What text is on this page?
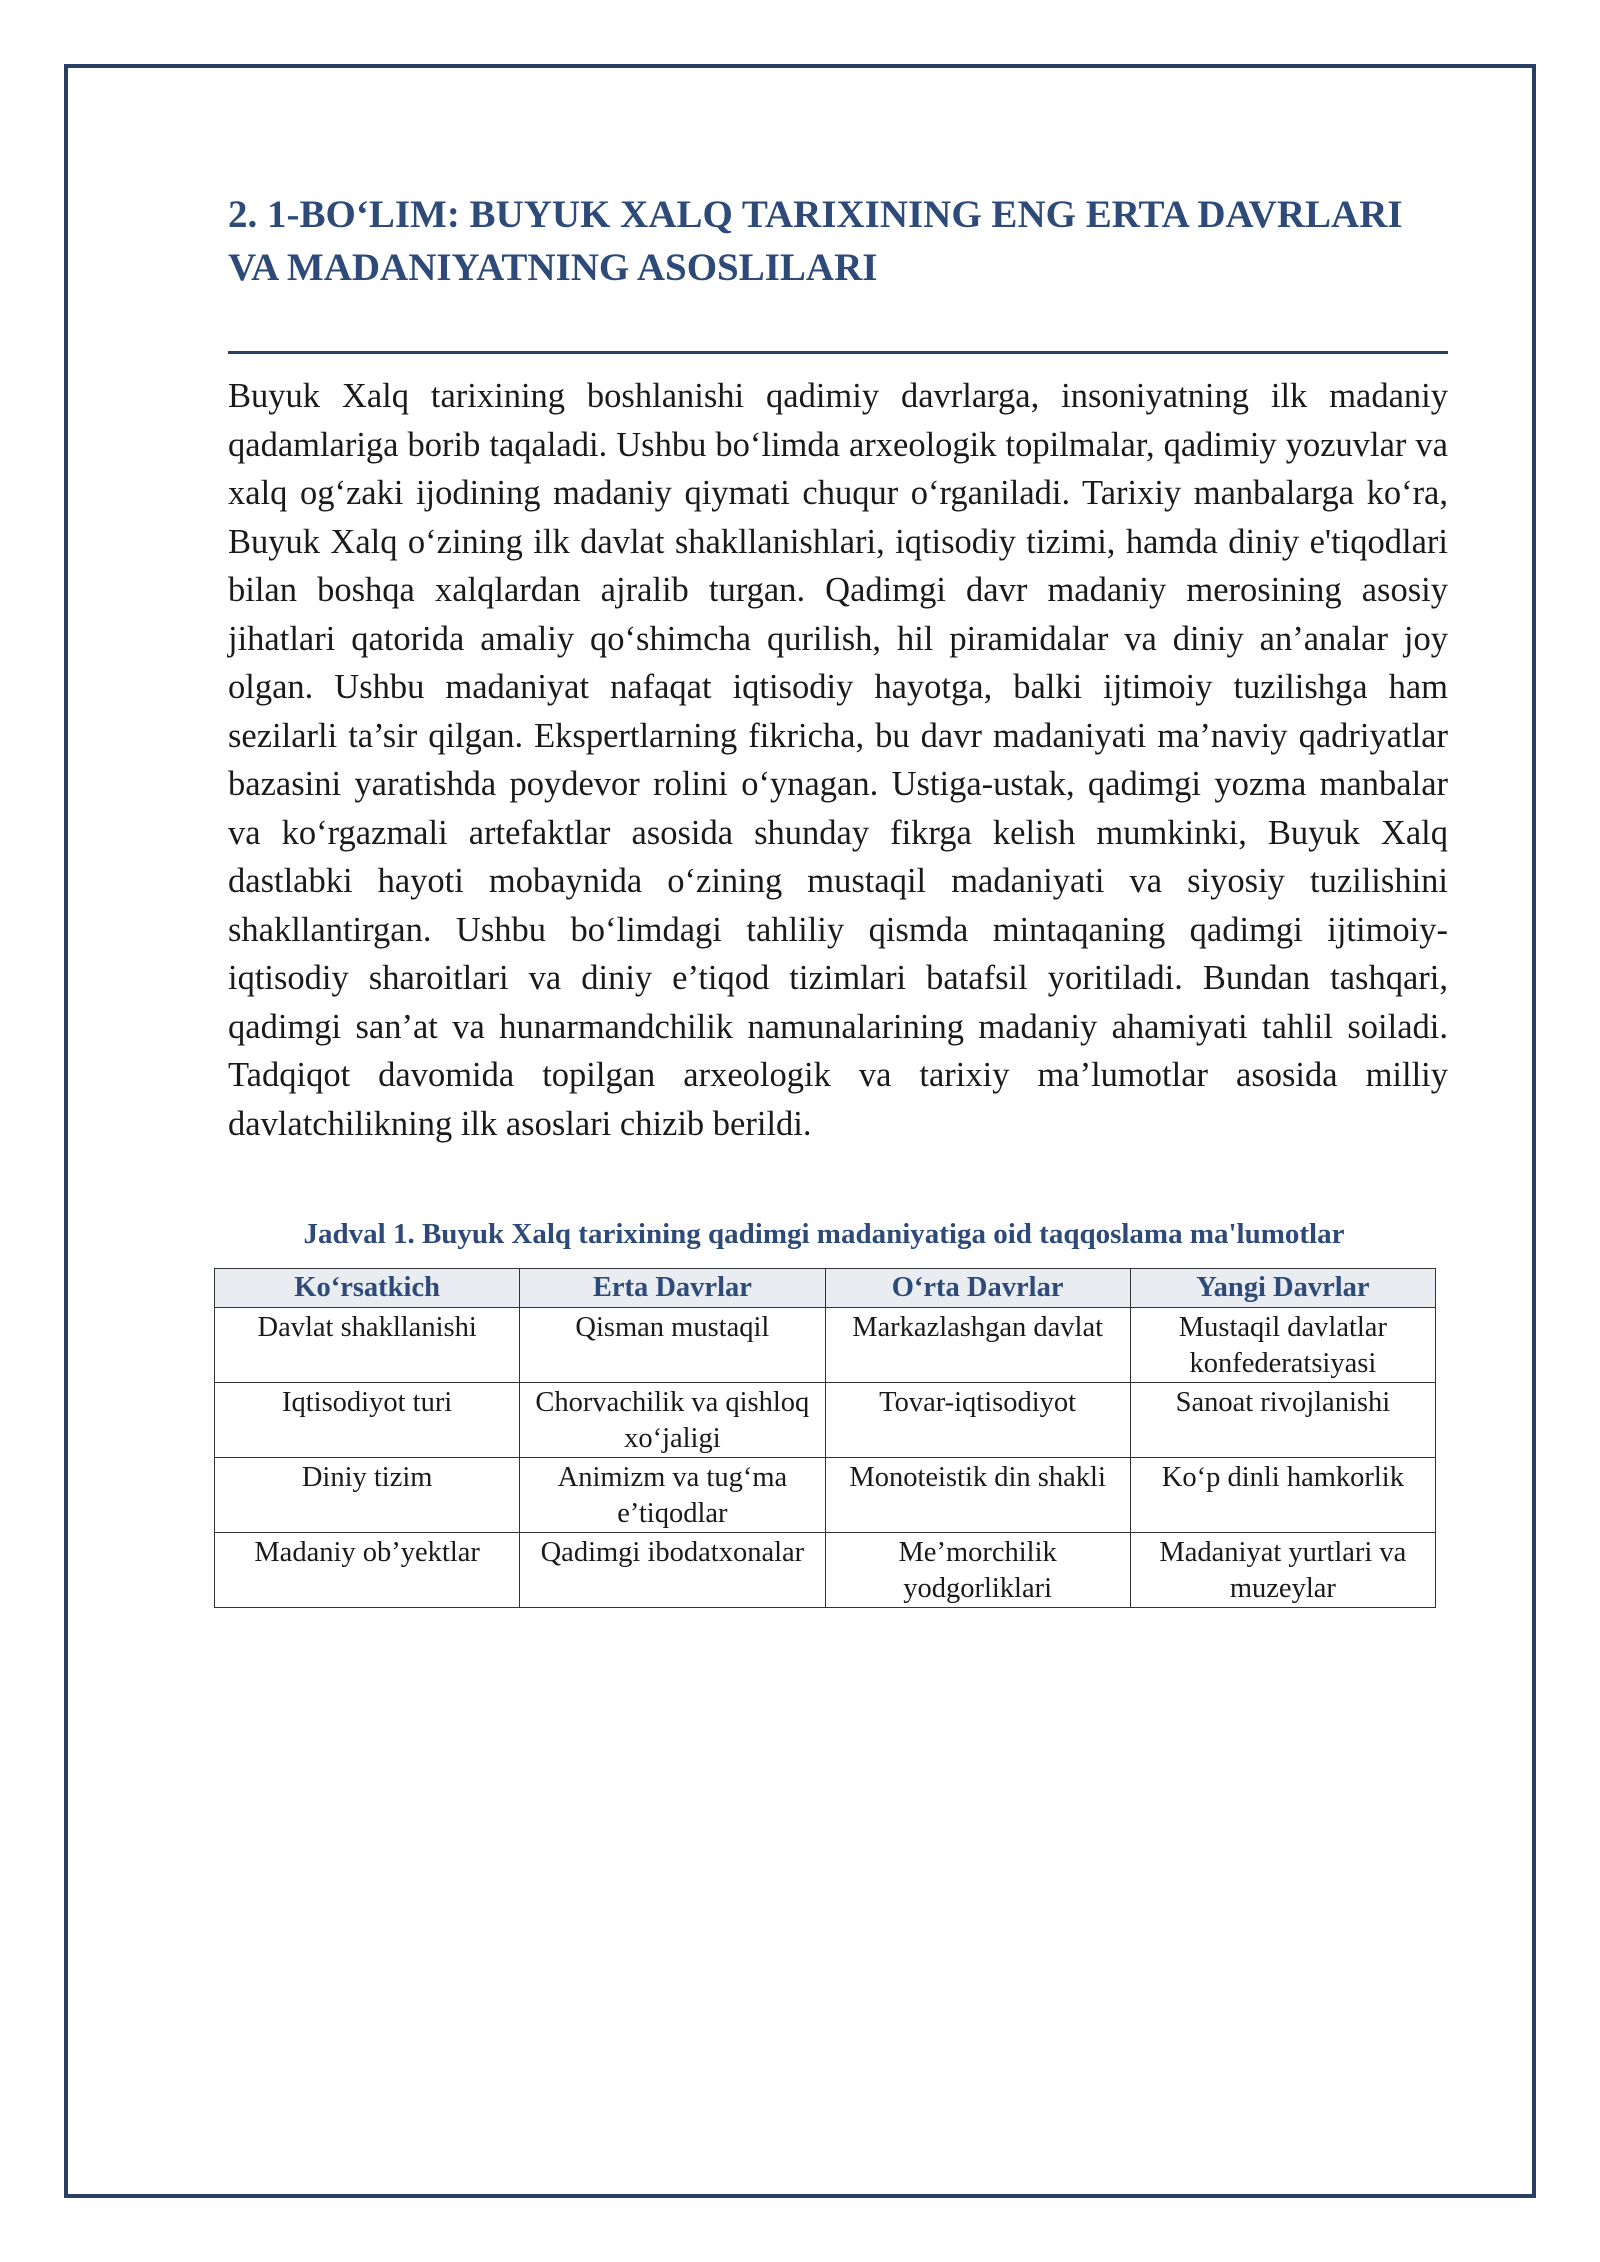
2. 1-BO‘LIM: BUYUK XALQ TARIXINING ENG ERTA DAVRLARI VA MADANIYATNING ASOSLILARI

Buyuk Xalq tarixining boshlanishi qadimiy davrlarga, insoniyatning ilk madaniy qadamlariga borib taqaladi. Ushbu bo‘limda arxeologik topilmalar, qadimiy yozuvlar va xalq og‘zaki ijodining madaniy qiymati chuqur o‘rganiladi. Tarixiy manbalarga ko‘ra, Buyuk Xalq o‘zining ilk davlat shakllanishlari, iqtisodiy tizimi, hamda diniy e'tiqodlari bilan boshqa xalqlardan ajralib turgan. Qadimgi davr madaniy merosining asosiy jihatlari qatorida amaliy qo‘shimcha qurilish, hil piramidalar va diniy an’analar joy olgan. Ushbu madaniyat nafaqat iqtisodiy hayotga, balki ijtimoiy tuzilishga ham sezilarli ta’sir qilgan. Ekspertlarning fikricha, bu davr madaniyati ma’naviy qadriyatlar bazasini yaratishda poydevor rolini o‘ynagan. Ustiga-ustak, qadimgi yozma manbalar va ko‘rgazmali artefaktlar asosida shunday fikrga kelish mumkinki, Buyuk Xalq dastlabki hayoti mobaynida o‘zining mustaqil madaniyati va siyosiy tuzilishini shakllantirgan. Ushbu bo‘limdagi tahliliy qismda mintaqaning qadimgi ijtimoiy-iqtisodiy sharoitlari va diniy e’tiqod tizimlari batafsil yoritiladi. Bundan tashqari, qadimgi san’at va hunarmandchilik namunalarining madaniy ahamiyati tahlil soiladi. Tadqiqot davomida topilgan arxeologik va tarixiy ma’lumotlar asosida milliy davlatchilikning ilk asoslari chizib berildi.

Jadval 1. Buyuk Xalq tarixining qadimgi madaniyatiga oid taqqoslama ma'lumotlar

Ko‘rsatkich	Erta Davrlar	O‘rta Davrlar	Yangi Davrlar
Davlat shakllanishi	Qisman mustaqil	Markazlashgan davlat	Mustaqil davlatlar konfederatsiyasi
Iqtisodiyot turi	Chorvachilik va qishloq xo‘jaligi	Tovar-iqtisodiyot	Sanoat rivojlanishi
Diniy tizim	Animizm va tug‘ma e’tiqodlar	Monoteistik din shakli	Ko‘p dinli hamkorlik
Madaniy ob’yektlar	Qadimgi ibodatxonalar	Me’morchilik yodgorliklari	Madaniyat yurtlari va muzeylar
